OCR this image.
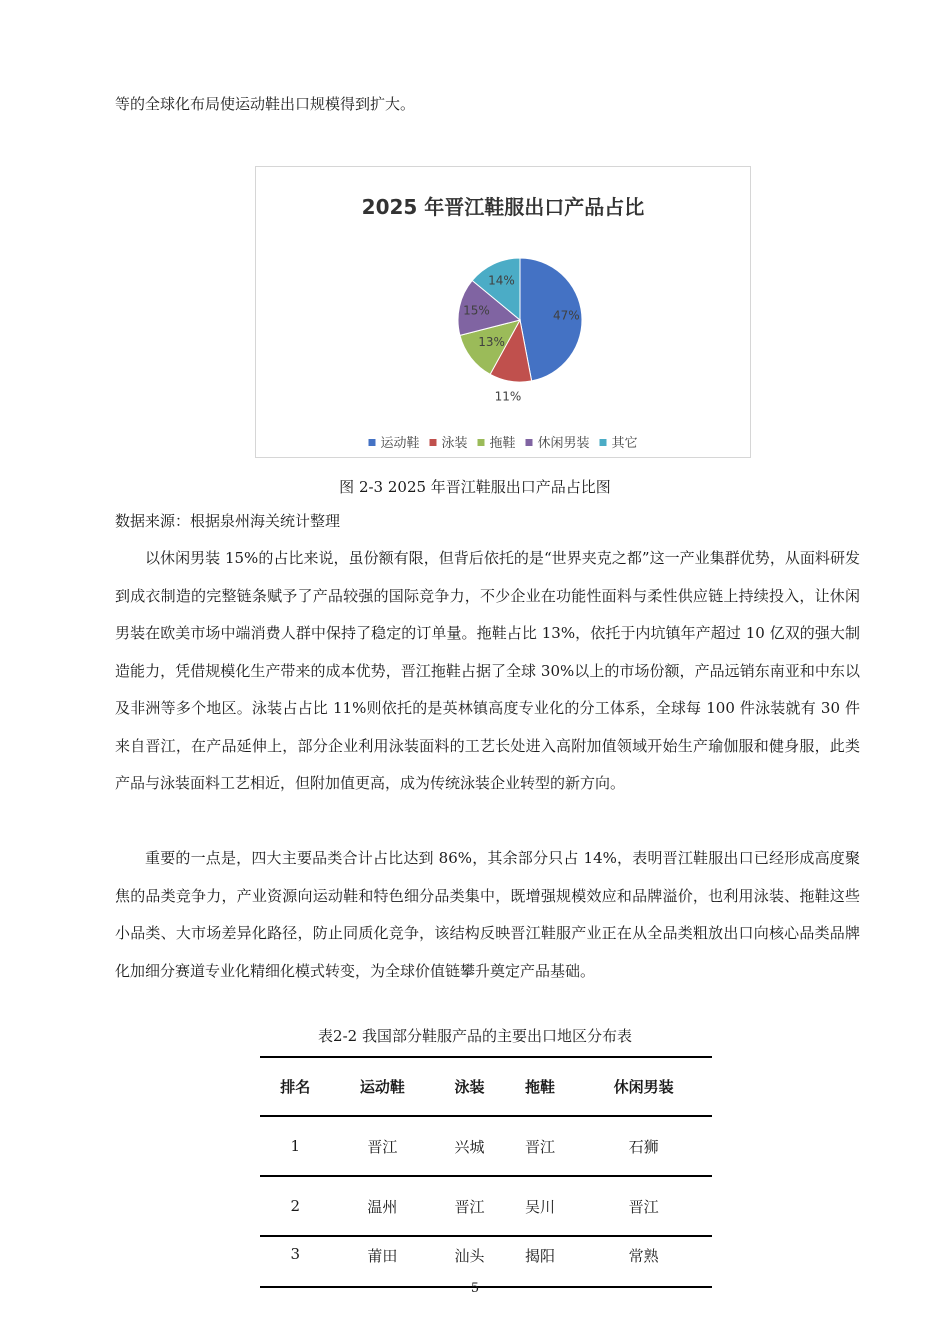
等的全球化布局使运动鞋出口规模得到扩大。

2025 年晋江鞋服出口产品占比
47%
11%
13%
15%
14%
运动鞋 泳装 拖鞋 休闲男装 其它
图 2-3 2025 年晋江鞋服出口产品占比图
数据来源：根据泉州海关统计整理

以休闲男装 15%的占比来说，虽份额有限，但背后依托的是“世界夹克之都”这一产业集群优势，从面料研发到成衣制造的完整链条赋予了产品较强的国际竞争力，不少企业在功能性面料与柔性供应链上持续投入，让休闲男装在欧美市场中端消费人群中保持了稳定的订单量。拖鞋占比 13%，依托于内坑镇年产超过 10 亿双的强大制造能力，凭借规模化生产带来的成本优势，晋江拖鞋占据了全球 30%以上的市场份额，产品远销东南亚和中东以及非洲等多个地区。泳装占占比 11%则依托的是英林镇高度专业化的分工体系，全球每 100 件泳装就有 30 件来自晋江，在产品延伸上，部分企业利用泳装面料的工艺长处进入高附加值领域开始生产瑜伽服和健身服，此类产品与泳装面料工艺相近，但附加值更高，成为传统泳装企业转型的新方向。

重要的一点是，四大主要品类合计占比达到 86%，其余部分只占 14%，表明晋江鞋服出口已经形成高度聚焦的品类竞争力，产业资源向运动鞋和特色细分品类集中，既增强规模效应和品牌溢价，也利用泳装、拖鞋这些小品类、大市场差异化路径，防止同质化竞争，该结构反映晋江鞋服产业正在从全品类粗放出口向核心品类品牌化加细分赛道专业化精细化模式转变，为全球价值链攀升奠定产品基础。

表2-2 我国部分鞋服产品的主要出口地区分布表
排名	运动鞋	泳装	拖鞋	休闲男装
1	晋江	兴城	晋江	石狮
2	温州	晋江	吴川	晋江
3	莆田	汕头	揭阳	常熟
5
